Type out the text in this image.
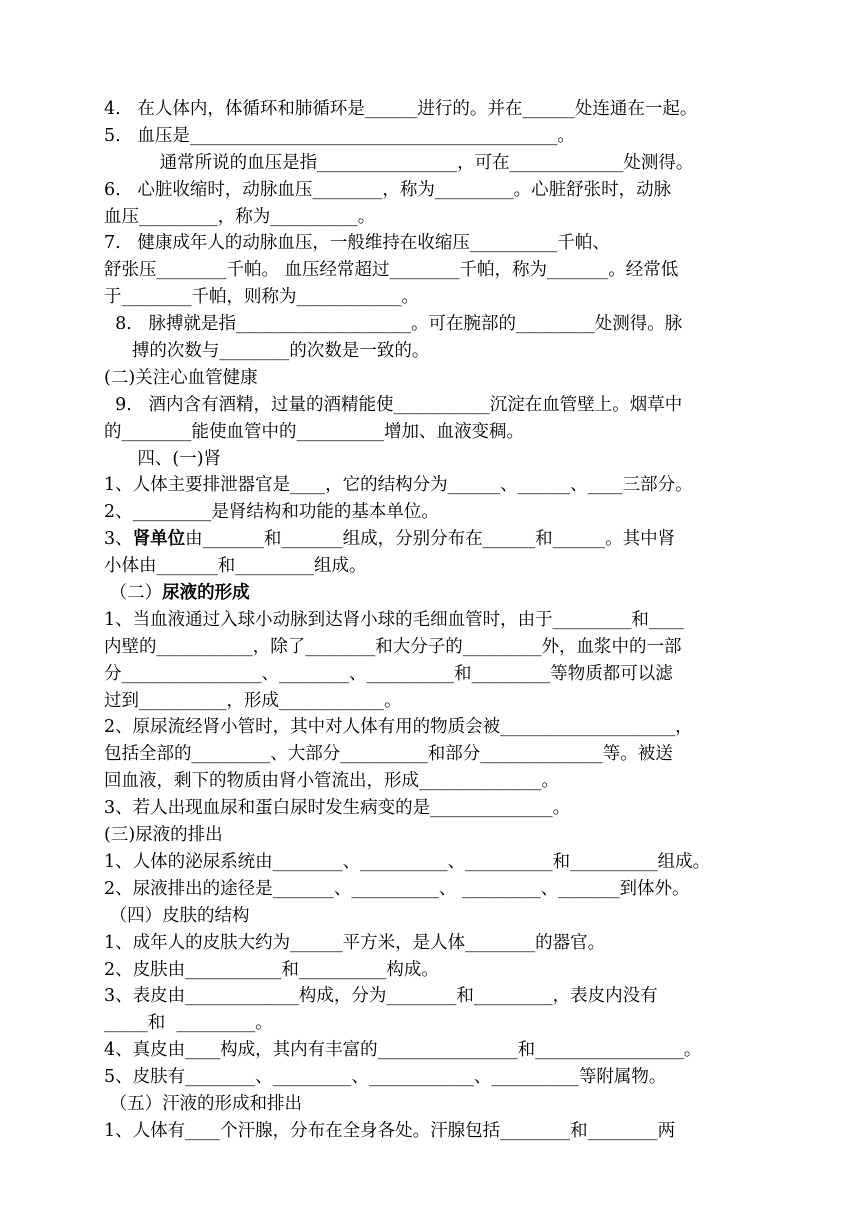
4.   在人体内，体循环和肺循环是______进行的。并在______处连通在一起。
5.   血压是__________________________________________。
通常所说的血压是指________________，可在_____________处测得。
6.   心脏收缩时，动脉血压________，称为_________。心脏舒张时，动脉
血压_________，称为__________。
7.   健康成年人的动脉血压，一般维持在收缩压__________千帕、
舒张压________千帕。 血压经常超过________千帕，称为_______。经常低
于________千帕，则称为____________。
8.   脉搏就是指____________________。可在腕部的_________处测得。脉
搏的次数与________的次数是一致的。
(二)关注心血管健康
9.   酒内含有酒精，过量的酒精能使___________沉淀在血管壁上。烟草中
的________能使血管中的__________增加、血液变稠。
四、(一)肾
1、人体主要排泄器官是____，它的结构分为______、______、____三部分。
2、_________是肾结构和功能的基本单位。
3、肾单位由_______和_______组成，分别分布在______和______。其中肾
小体由_______和_________组成。
（二）尿液的形成
1、当血液通过入球小动脉到达肾小球的毛细血管时，由于_________和____
内壁的___________，除了________和大分子的_________外，血浆中的一部
分________________、________、__________和_________等物质都可以滤
过到__________，形成____________。
2、原尿流经肾小管时，其中对人体有用的物质会被____________________，
包括全部的_________、大部分__________和部分______________等。被送
回血液，剩下的物质由肾小管流出，形成______________。
3、若人出现血尿和蛋白尿时发生病变的是______________。
(三)尿液的排出
1、人体的泌尿系统由________、__________、__________和__________组成。
2、尿液排出的途径是_______、__________、 _________、_______到体外。
（四）皮肤的结构
1、成年人的皮肤大约为______平方米，是人体________的器官。
2、皮肤由___________和__________构成。
3、表皮由_____________构成，分为________和_________，表皮内没有
_____和  _________。
4、真皮由____构成，其内有丰富的________________和_________________。
5、皮肤有________、_________、____________、__________等附属物。
（五）汗液的形成和排出
1、人体有____个汗腺，分布在全身各处。汗腺包括________和________两
